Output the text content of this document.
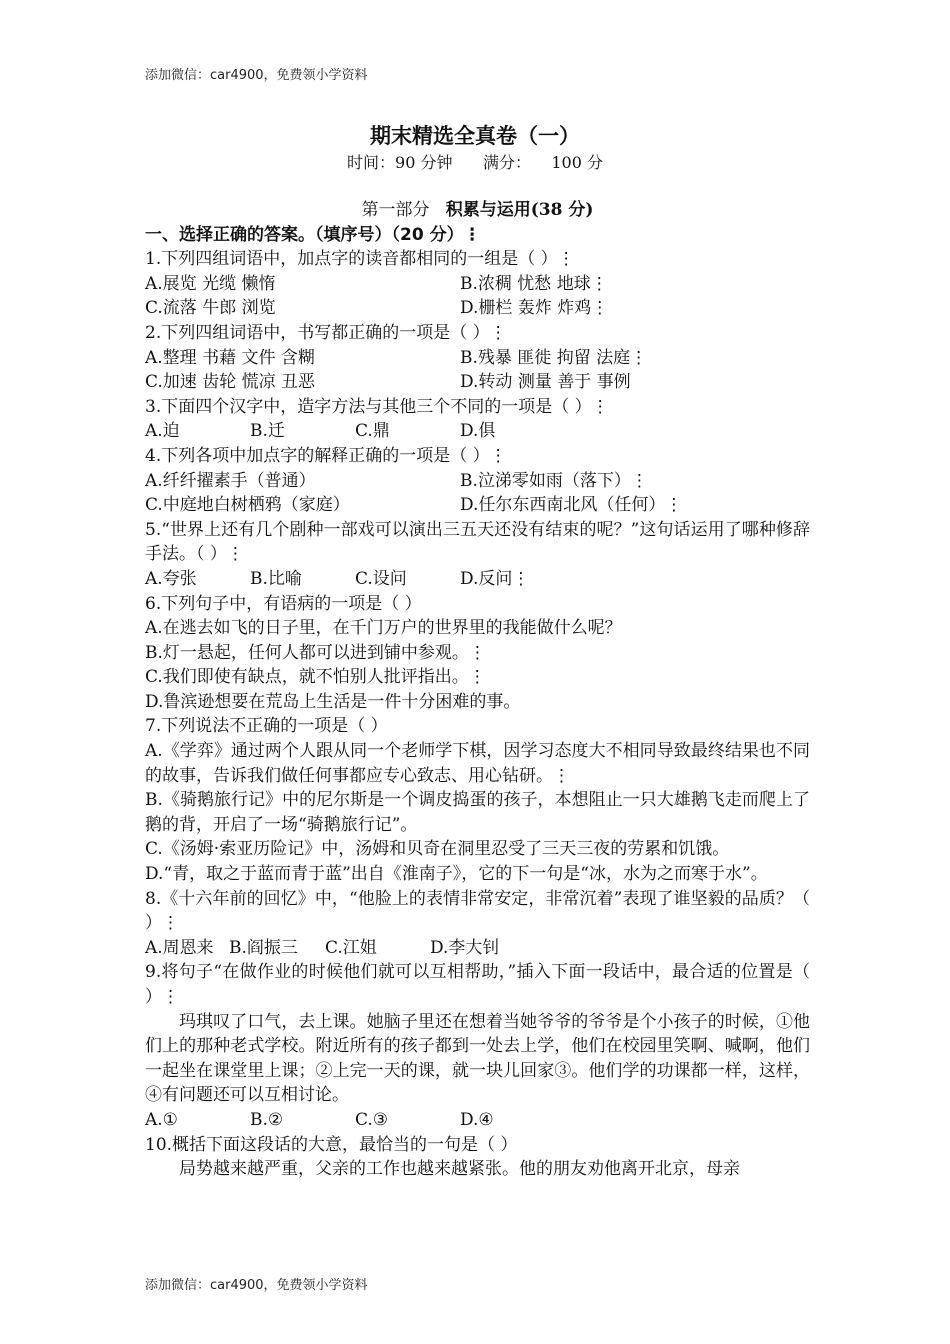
添加微信：car4900，免费领小学资料
期末精选全真卷（一）
时间：90 分钟      满分：    100 分
第一部分   积累与运用(38 分)
一、选择正确的答案。（填序号）（20 分）⋮
1.下列四组词语中，加点字的读音都相同的一组是（ ）⋮
A.展览 光缆 懒惰	B.浓稠 忧愁 地球⋮
C.流落 牛郎 浏览	D.栅栏 轰炸 炸鸡⋮
2.下列四组词语中，书写都正确的一项是（ ）⋮
A.整理 书藉 文件 含糊	B.残暴 匪徙 拘留 法庭⋮
C.加速 齿轮 慌凉 丑恶	D.转动 测量 善于 事例
3.下面四个汉字中，造字方法与其他三个不同的一项是（ ）⋮
A.迫	B.迁	C.鼎	D.俱
4.下列各项中加点字的解释正确的一项是（ ）⋮
A.纤纤擢素手（普通）	B.泣涕零如雨（落下）⋮
C.中庭地白树栖鸦（家庭）	D.任尔东西南北风（任何）⋮
5.“世界上还有几个剧种一部戏可以演出三五天还没有结束的呢？”这句话运用了哪种修辞手法。（ ）⋮
A.夸张	B.比喻	C.设问	D.反问⋮
6.下列句子中，有语病的一项是（ ）
A.在逃去如飞的日子里，在千门万户的世界里的我能做什么呢？
B.灯一悬起，任何人都可以进到铺中参观。⋮
C.我们即使有缺点，就不怕别人批评指出。⋮
D.鲁滨逊想要在荒岛上生活是一件十分困难的事。
7.下列说法不正确的一项是（ ）
A.《学弈》通过两个人跟从同一个老师学下棋，因学习态度大不相同导致最终结果也不同的故事，告诉我们做任何事都应专心致志、用心钻研。⋮
B.《骑鹅旅行记》中的尼尔斯是一个调皮捣蛋的孩子，本想阻止一只大雄鹅飞走而爬上了鹅的背，开启了一场“骑鹅旅行记”。
C.《汤姆·索亚历险记》中，汤姆和贝奇在洞里忍受了三天三夜的劳累和饥饿。
D.“青，取之于蓝而青于蓝”出自《淮南子》，它的下一句是“冰，水为之而寒于水”。
8.《十六年前的回忆》中，“他脸上的表情非常安定，非常沉着”表现了谁坚毅的品质？（ ）⋮
A.周恩来 B.阎振三 C.江姐	D.李大钊
9.将句子“在做作业的时候他们就可以互相帮助，”插入下面一段话中，最合适的位置是（ ）⋮
玛琪叹了口气，去上课。她脑子里还在想着当她爷爷的爷爷是个小孩子的时候，①他们上的那种老式学校。附近所有的孩子都到一处去上学，他们在校园里笑啊、喊啊，他们一起坐在课堂里上课；②上完一天的课，就一块儿回家③。他们学的功课都一样，这样，④有问题还可以互相讨论。
A.①	B.②	C.③	D.④
10.概括下面这段话的大意，最恰当的一句是（ ）
局势越来越严重，父亲的工作也越来越紧张。他的朋友劝他离开北京，母亲
添加微信：car4900，免费领小学资料
